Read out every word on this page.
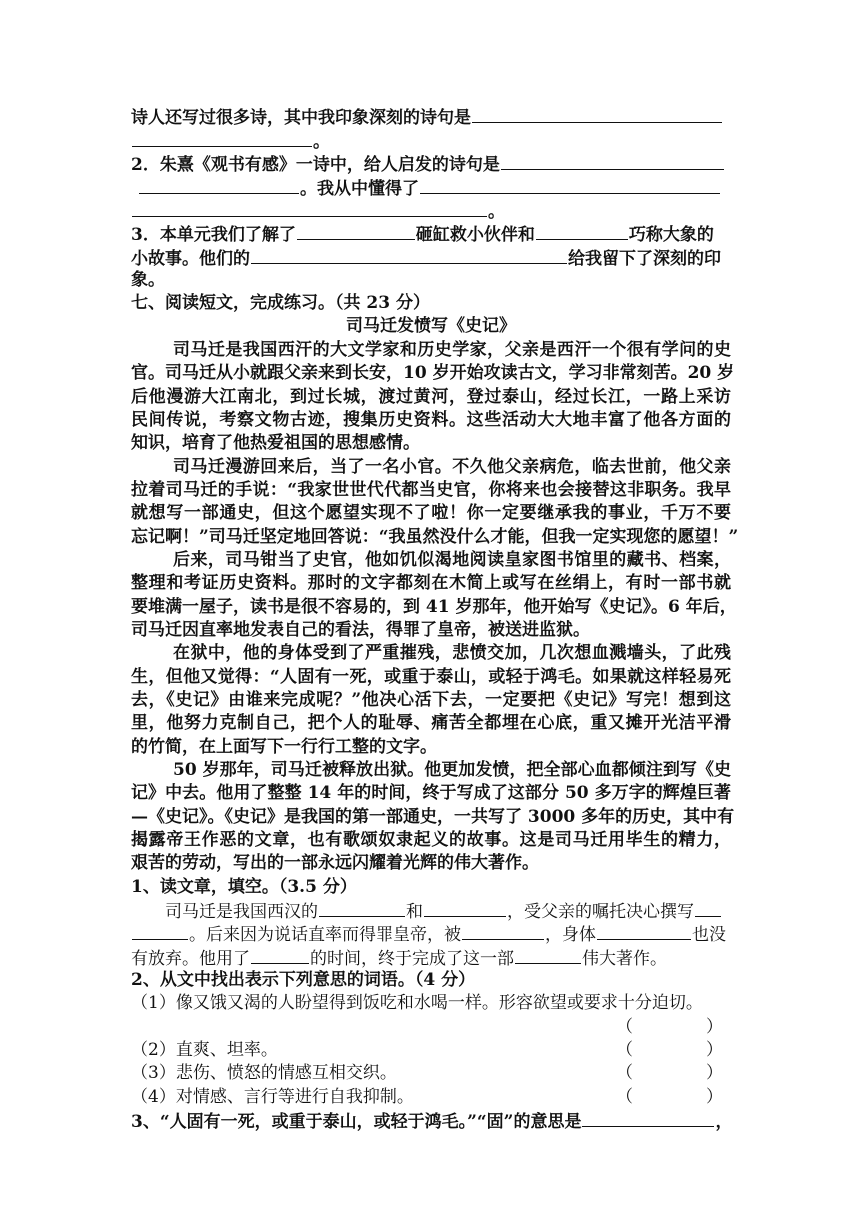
诗人还写过很多诗，其中我印象深刻的诗句是
。
2．朱熹《观书有感》一诗中，给人启发的诗句是
。我从中懂得了
。
3．本单元我们了解了	砸缸救小伙伴和	巧称大象的
小故事。他们的	给我留下了深刻的印
象。
七、阅读短文，完成练习。（共 23 分）
司马迁发愤写《史记》
司马迁是我国西汗的大文学家和历史学家，父亲是西汗一个很有学问的史
官。司马迁从小就跟父亲来到长安，10 岁开始攻读古文，学习非常刻苦。20 岁
后他漫游大江南北，到过长城，渡过黄河，登过泰山，经过长江，一路上采访
民间传说，考察文物古迹，搜集历史资料。这些活动大大地丰富了他各方面的
知识，培育了他热爱祖国的思想感情。
司马迁漫游回来后，当了一名小官。不久他父亲病危，临去世前，他父亲
拉着司马迁的手说：“我家世世代代都当史官，你将来也会接替这非职务。我早
就想写一部通史，但这个愿望实现不了啦！你一定要继承我的事业，千万不要
忘记啊！”司马迁坚定地回答说：“我虽然没什么才能，但我一定实现您的愿望！”
后来，司马钳当了史官，他如饥似渴地阅读皇家图书馆里的藏书、档案，
整理和考证历史资料。那时的文字都刻在木简上或写在丝绢上，有时一部书就
要堆满一屋子，读书是很不容易的，到 41 岁那年，他开始写《史记》。6 年后，
司马迁因直率地发表自己的看法，得罪了皇帝，被送进监狱。
在狱中，他的身体受到了严重摧残，悲愤交加，几次想血溅墙头，了此残
生，但他又觉得：“人固有一死，或重于泰山，或轻于鸿毛。如果就这样轻易死
去，《史记》由谁来完成呢？”他决心活下去，一定要把《史记》写完！想到这
里，他努力克制自己，把个人的耻辱、痛苦全都埋在心底，重又摊开光洁平滑
的竹简，在上面写下一行行工整的文字。
50 岁那年，司马迁被释放出狱。他更加发愤，把全部心血都倾注到写《史
记》中去。他用了整整 14 年的时间，终于写成了这部分 50 多万字的辉煌巨著
—《史记》。《史记》是我国的第一部通史，一共写了 3000 多年的历史，其中有
揭露帝王作恶的文章，也有歌颂奴隶起义的故事。这是司马迁用毕生的精力，
艰苦的劳动，写出的一部永远闪耀着光辉的伟大著作。
1、读文章，填空。（3.5 分）
司马迁是我国西汉的	和	，受父亲的嘱托决心撰写
。后来因为说话直率而得罪皇帝，被	，身体	也没
有放弃。他用了	的时间，终于完成了这一部	伟大著作。
2、从文中找出表示下列意思的词语。（4 分）
（1）像又饿又渴的人盼望得到饭吃和水喝一样。形容欲望或要求十分迫切。
（	）
（2）直爽、坦率。	（	）
（3）悲伤、愤怒的情感互相交织。	（	）
（4）对情感、言行等进行自我抑制。	（	）
3、“人固有一死，或重于泰山，或轻于鸿毛。”“固”的意思是	，
